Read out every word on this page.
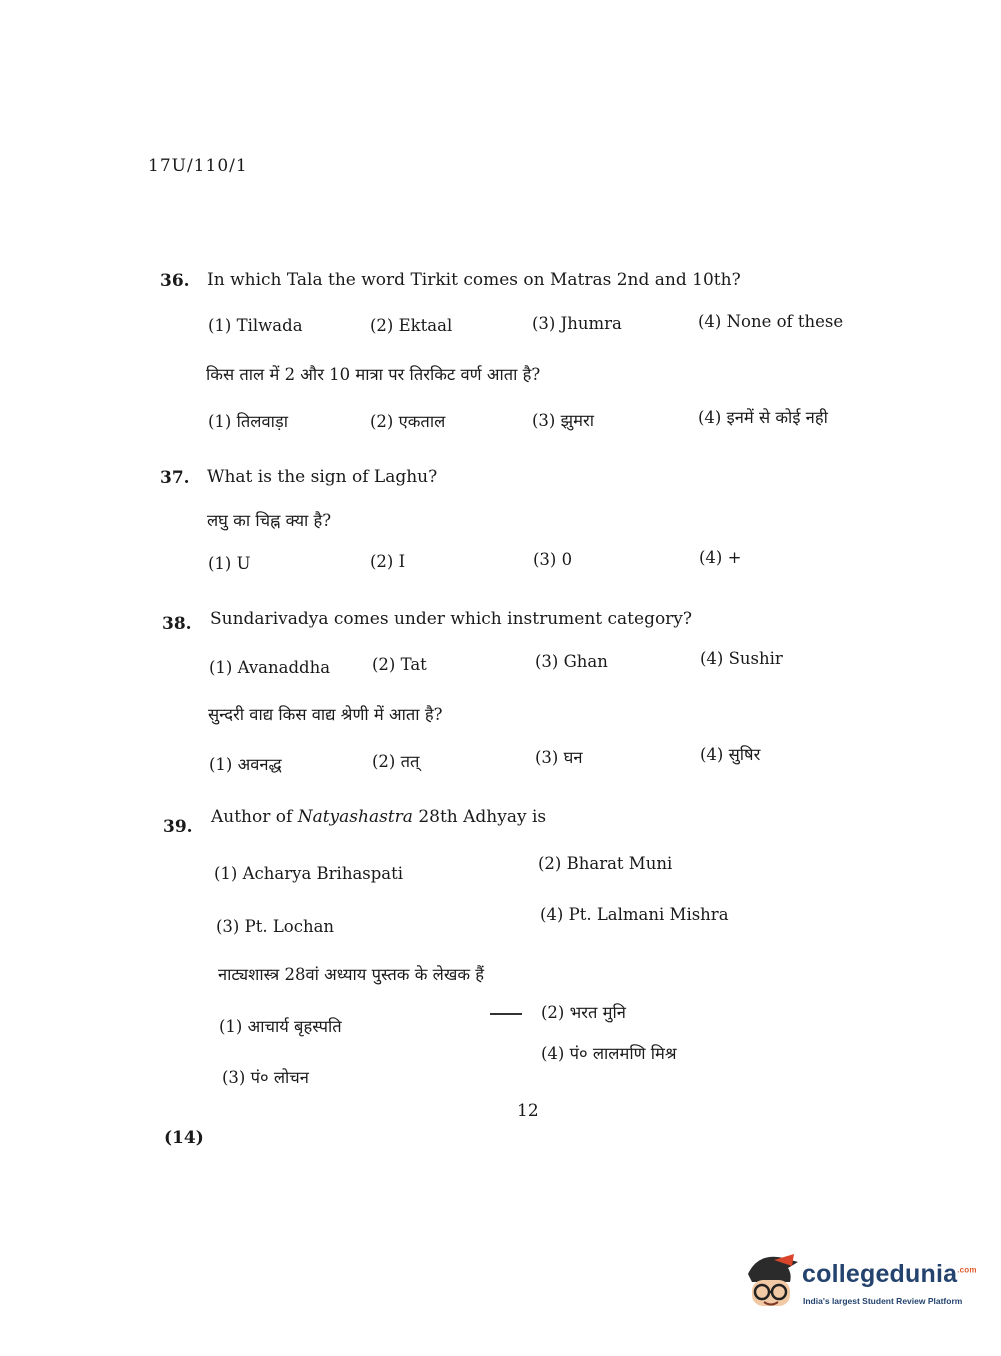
17U/110/1
36. In which Tala the word Tirkit comes on Matras 2nd and 10th?
(1) Tilwada	(2) Ektaal	(3) Jhumra	(4) None of these
किस ताल में 2 और 10 मात्रा पर तिरकिट वर्ण आता है?
(1) तिलवाड़ा	(2) एकताल	(3) झुमरा	(4) इनमें से कोई नही
37. What is the sign of Laghu?
लघु का चिह्न क्या है?
(1) U	(2) I	(3) 0	(4) +
38. Sundarivadya comes under which instrument category?
(1) Avanaddha	(2) Tat	(3) Ghan	(4) Sushir
सुन्दरी वाद्य किस वाद्य श्रेणी में आता है?
(1) अवनद्ध	(2) तत्	(3) घन	(4) सुषिर
39. Author of Natyashastra 28th Adhyay is
(1) Acharya Brihaspati
(2) Bharat Muni
(3) Pt. Lochan
(4) Pt. Lalmani Mishra
नाट्यशास्त्र 28वां अध्याय पुस्तक के लेखक हैं
(1) आचार्य बृहस्पति
(2) भरत मुनि
(3) पं० लोचन
(4) पं० लालमणि मिश्र
12
(14)
collegedunia$^{.com}$
India's largest Student Review Platform
